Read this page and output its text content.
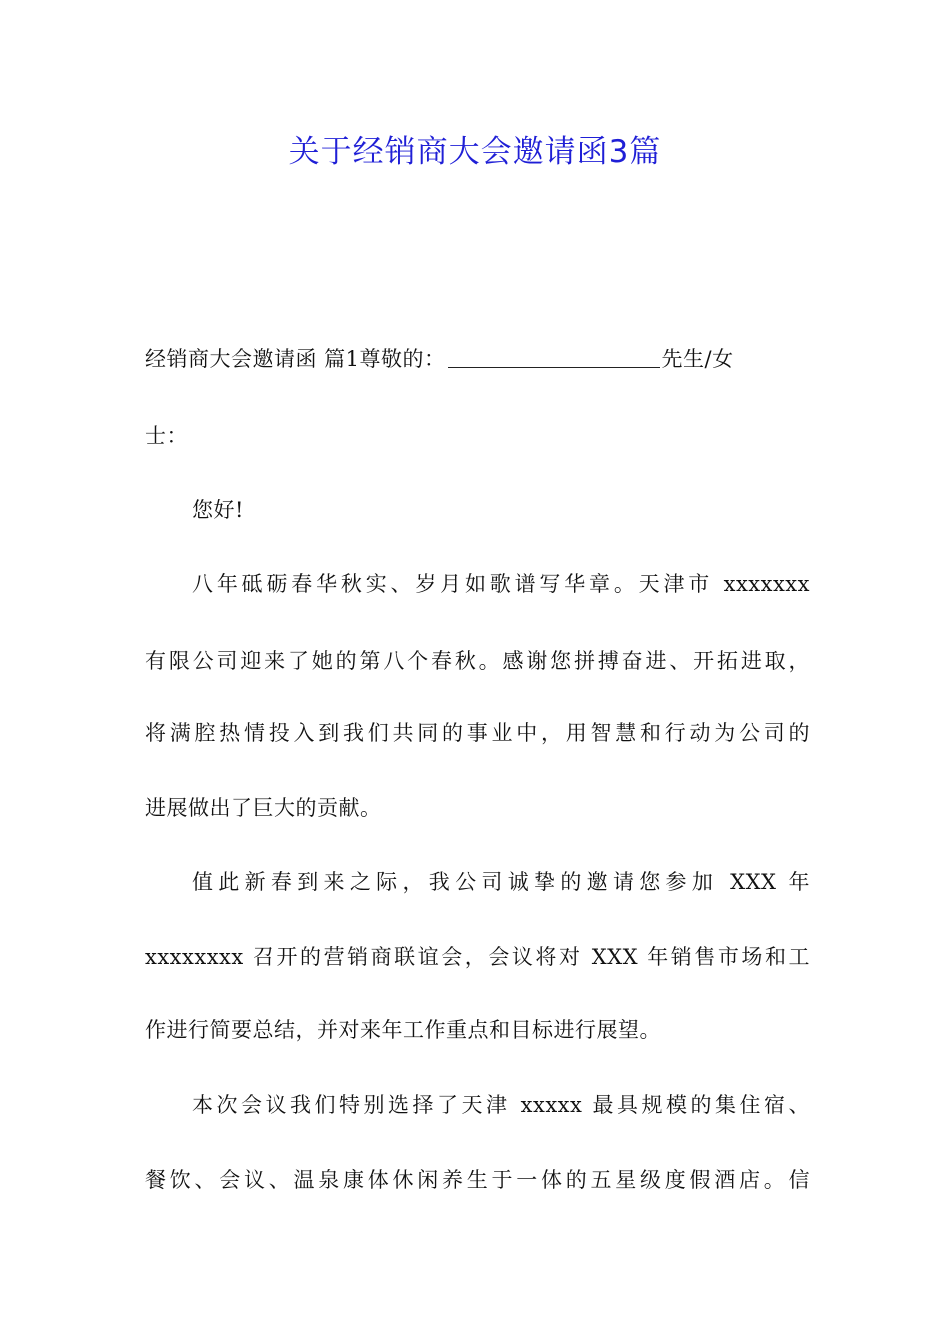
关于经销商大会邀请函3篇
经销商大会邀请函 篇1尊敬的：	先生/女
士：
您好!
八年砥砺春华秋实、岁月如歌谱写华章。天津市 xxxxxxx
有限公司迎来了她的第八个春秋。感谢您拼搏奋进、开拓进取，
将满腔热情投入到我们共同的事业中，用智慧和行动为公司的
进展做出了巨大的贡献。
值此新春到来之际，我公司诚挚的邀请您参加 XXX 年
xxxxxxxx 召开的营销商联谊会，会议将对 XXX 年销售市场和工
作进行简要总结，并对来年工作重点和目标进行展望。
本次会议我们特别选择了天津 xxxxx 最具规模的集住宿、
餐饮、会议、温泉康体休闲养生于一体的五星级度假酒店。信
